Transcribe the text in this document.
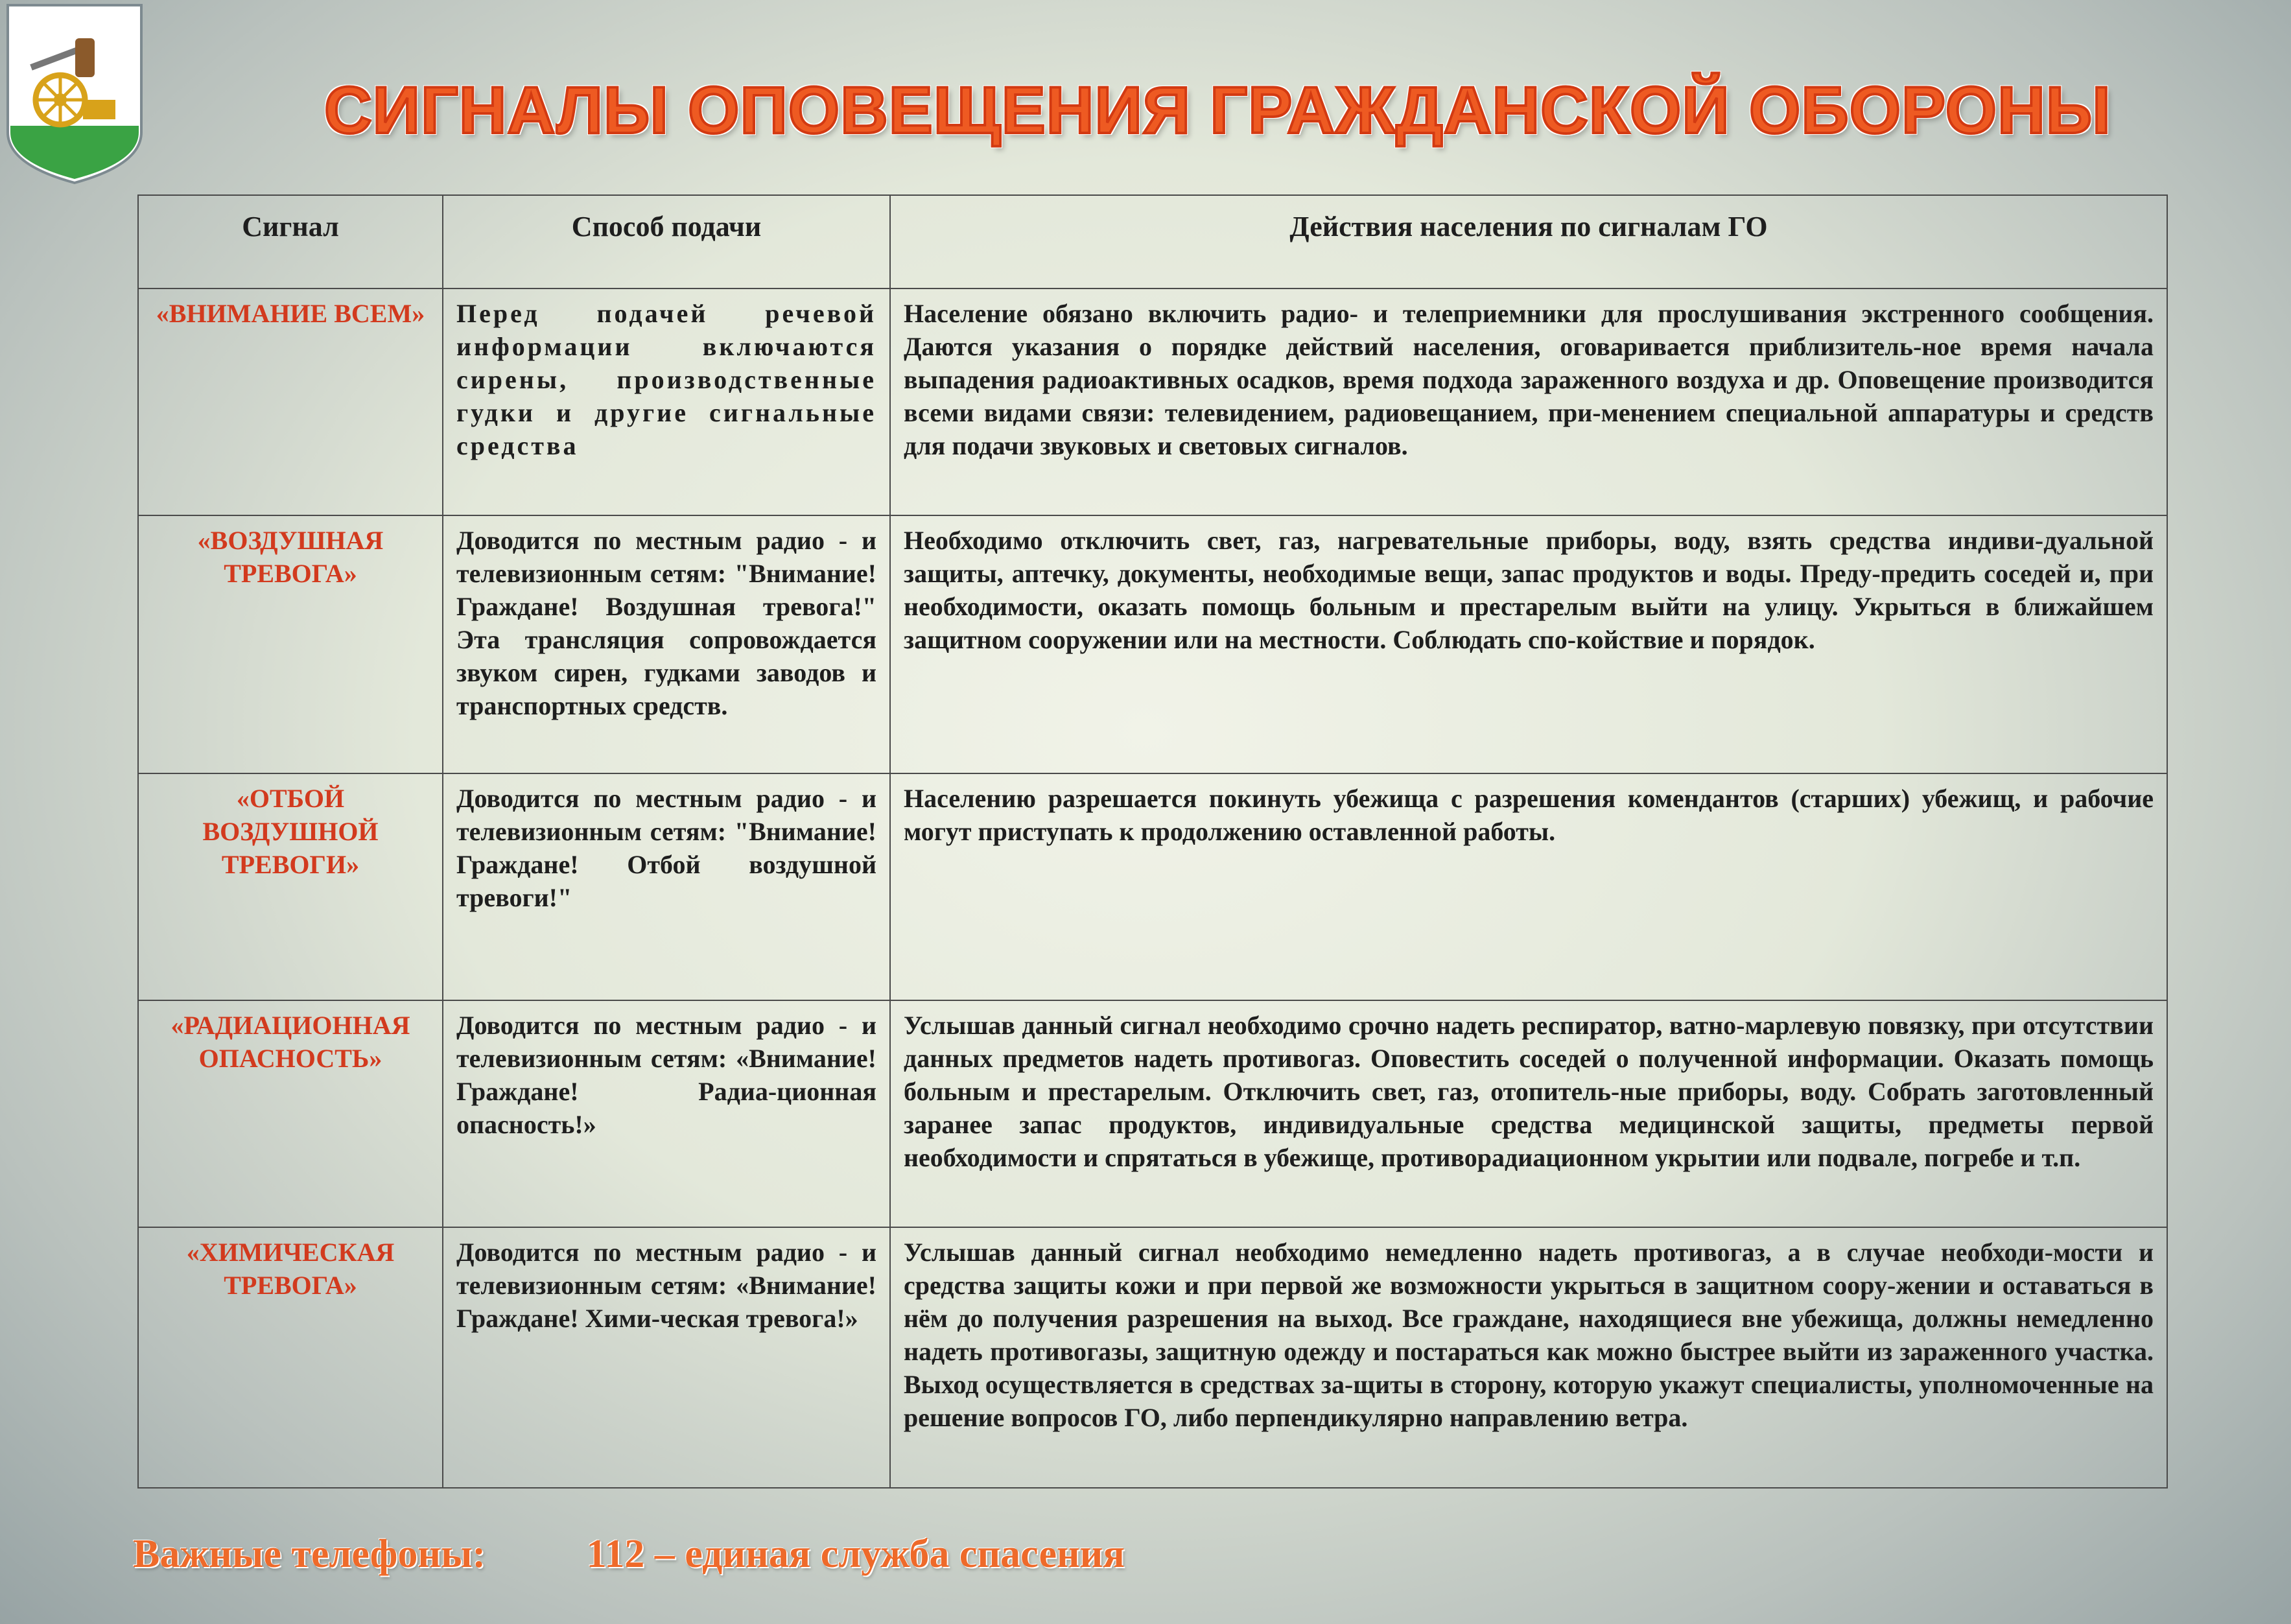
СИГНАЛЫ ОПОВЕЩЕНИЯ ГРАЖДАНСКОЙ ОБОРОНЫ
Сигнал	Способ подачи	Действия населения по сигналам ГО
«ВНИМАНИЕ ВСЕМ»	Перед подачей речевой информации включаются сирены, производственные гудки и другие сигнальные средства	Население обязано включить радио- и телеприемники для прослушивания экстренного сообщения. Даются указания о порядке действий населения, оговаривается приблизитель-ное время начала выпадения радиоактивных осадков, время подхода зараженного воздуха и др. Оповещение производится всеми видами связи: телевидением, радиовещанием, при-менением специальной аппаратуры и средств для подачи звуковых и световых сигналов.
«ВОЗДУШНАЯ ТРЕВОГА»	Доводится по местным радио - и телевизионным сетям: "Внимание! Граждане! Воздушная тревога!" Эта трансляция сопровождается звуком сирен, гудками заводов и транспортных средств.	Необходимо отключить свет, газ, нагревательные приборы, воду, взять средства индиви-дуальной защиты, аптечку, документы, необходимые вещи, запас продуктов и воды. Преду-предить соседей и, при необходимости, оказать помощь больным и престарелым выйти на улицу. Укрыться в ближайшем защитном сооружении или на местности. Соблюдать спо-койствие и порядок.
«ОТБОЙ ВОЗДУШНОЙ ТРЕВОГИ»	Доводится по местным радио - и телевизионным сетям: "Внимание! Граждане! Отбой воздушной тревоги!"	Населению разрешается покинуть убежища с разрешения комендантов (старших) убежищ, и рабочие могут приступать к продолжению оставленной работы.
«РАДИАЦИОННАЯ ОПАСНОСТЬ»	Доводится по местным радио - и телевизионным сетям: «Внимание! Граждане! Радиа-ционная опасность!»	Услышав данный сигнал необходимо срочно надеть респиратор, ватно-марлевую повязку, при отсутствии данных предметов надеть противогаз. Оповестить соседей о полученной информации. Оказать помощь больным и престарелым. Отключить свет, газ, отопитель-ные приборы, воду. Собрать заготовленный заранее запас продуктов, индивидуальные средства медицинской защиты, предметы первой необходимости и спрятаться в убежище, противорадиационном укрытии или подвале, погребе и т.п.
«ХИМИЧЕСКАЯ ТРЕВОГА»	Доводится по местным радио - и телевизионным сетям: «Внимание! Граждане! Хими-ческая тревога!»	Услышав данный сигнал необходимо немедленно надеть противогаз, а в случае необходи-мости и средства защиты кожи и при первой же возможности укрыться в защитном соору-жении и оставаться в нём до получения разрешения на выход. Все граждане, находящиеся вне убежища, должны немедленно надеть противогазы, защитную одежду и постараться как можно быстрее выйти из зараженного участка. Выход осуществляется в средствах за-щиты в сторону, которую укажут специалисты, уполномоченные на решение вопросов ГО, либо перпендикулярно направлению ветра.
Важные телефоны:	112 – единая служба спасения
